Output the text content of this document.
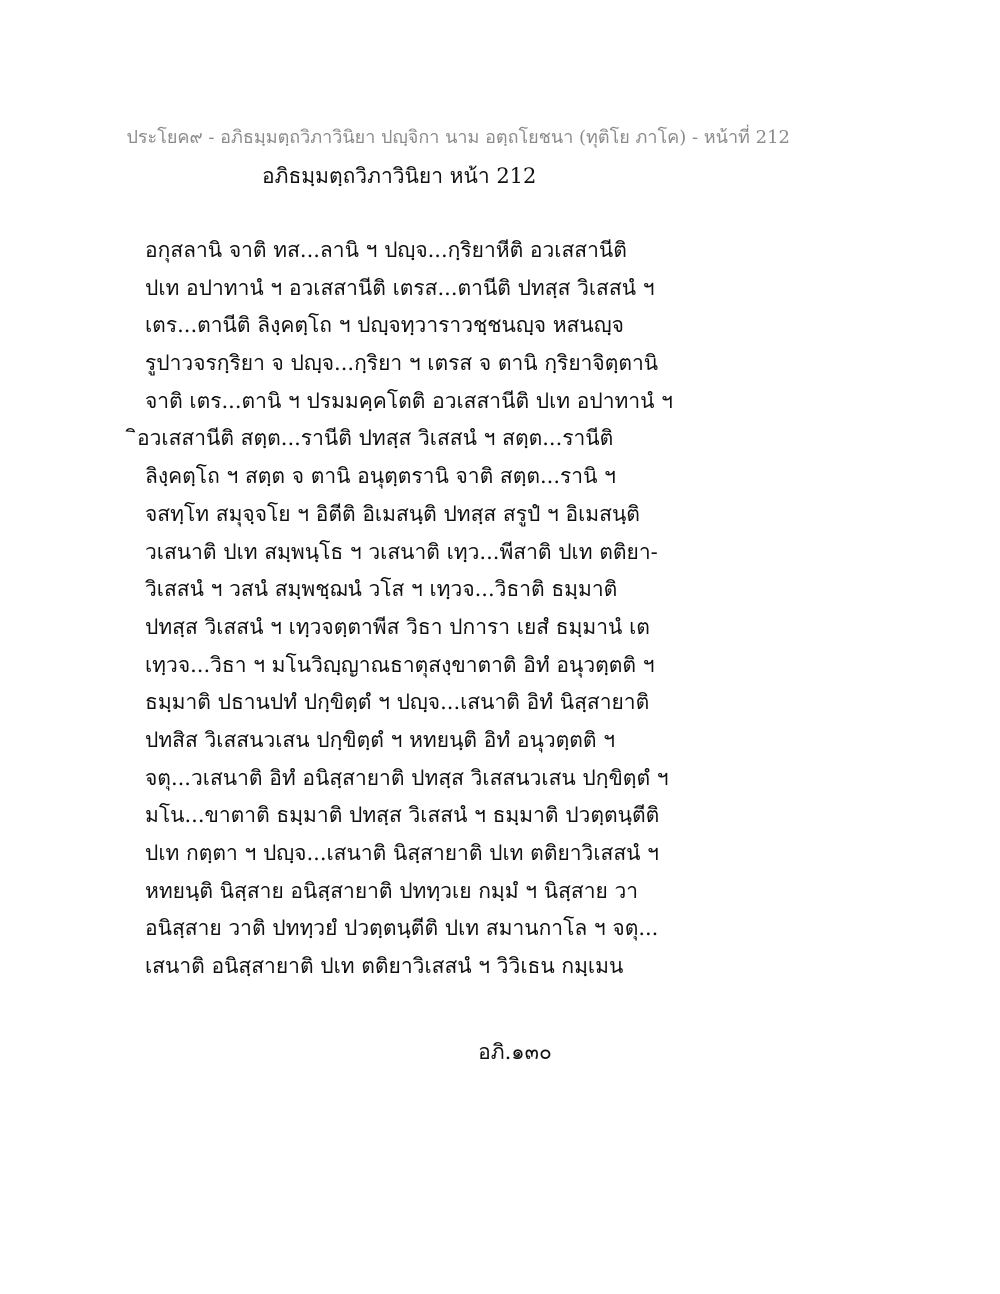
ประโยค๙ - อภิธมฺมตฺถวิภาวินิยา ปญฺจิกา นาม อตฺถโยชนา (ทุติโย ภาโค) - หน้าที่ 212
อภิธมฺมตฺถวิภาวินิยา หน้า 212
อกุสลานิ จาติ ทส...ลานิ ฯ ปญฺจ...กฺริยาหีติ อวเสสานีติ
ปเท อปาทานํ ฯ อวเสสานีติ เตรส...ตานีติ ปทสฺส วิเสสนํ ฯ
เตร...ตานีติ ลิงฺคตฺโถ ฯ ปญฺจทฺวาราวชฺชนญฺจ หสนญฺจ
รูปาวจรกฺริยา จ ปญฺจ...กฺริยา ฯ เตรส จ ตานิ กฺริยาจิตฺตานิ
จาติ เตร...ตานิ ฯ ปรมมคฺคโตติ อวเสสานีติ ปเท อปาทานํ ฯ
ิอวเสสานีติ สตฺต...รานีติ ปทสฺส วิเสสนํ ฯ สตฺต...รานีติ
ลิงฺคตฺโถ ฯ สตฺต จ ตานิ อนุตฺตรานิ จาติ สตฺต...รานิ ฯ
จสทฺโท สมุจฺจโย ฯ อิตีติ อิเมสนฺติ ปทสฺส สรูปํ ฯ อิเมสนฺติ
วเสนาติ ปเท สมฺพนฺโธ ฯ วเสนาติ เทฺว...พีสาติ ปเท ตติยา-
วิเสสนํ ฯ วสนํ สมฺพชฺฌนํ วโส ฯ เทฺวจ...วิธาติ ธมฺมาติ
ปทสฺส วิเสสนํ ฯ เทฺวจตฺตาพีส วิธา ปการา เยสํ ธมฺมานํ เต
เทฺวจ...วิธา ฯ มโนวิญฺญาณธาตุสงฺขาตาติ อิทํ อนุวตฺตติ ฯ
ธมฺมาติ ปธานปทํ ปกฺขิตฺตํ ฯ ปญฺจ...เสนาติ อิทํ นิสฺสายาติ
ปทสิส วิเสสนวเสน ปกฺขิตฺตํ ฯ หทยนฺติ อิทํ อนุวตฺตติ ฯ
จตุ...วเสนาติ อิทํ อนิสฺสายาติ ปทสฺส วิเสสนวเสน ปกฺขิตฺตํ ฯ
มโน...ขาตาติ ธมฺมาติ ปทสฺส วิเสสนํ ฯ ธมฺมาติ ปวตฺตนฺตีติ
ปเท กตฺตา ฯ ปญฺจ...เสนาติ นิสฺสายาติ ปเท ตติยาวิเสสนํ ฯ
หทยนฺติ นิสฺสาย อนิสฺสายาติ ปททฺวเย กมฺมํ ฯ นิสฺสาย วา
อนิสฺสาย วาติ ปททฺวยํ ปวตฺตนฺตีติ ปเท สมานกาโล ฯ จตุ...
เสนาติ อนิสฺสายาติ ปเท ตติยาวิเสสนํ ฯ วิวิเธน กมฺเมน
อภิ.๑๓๐
